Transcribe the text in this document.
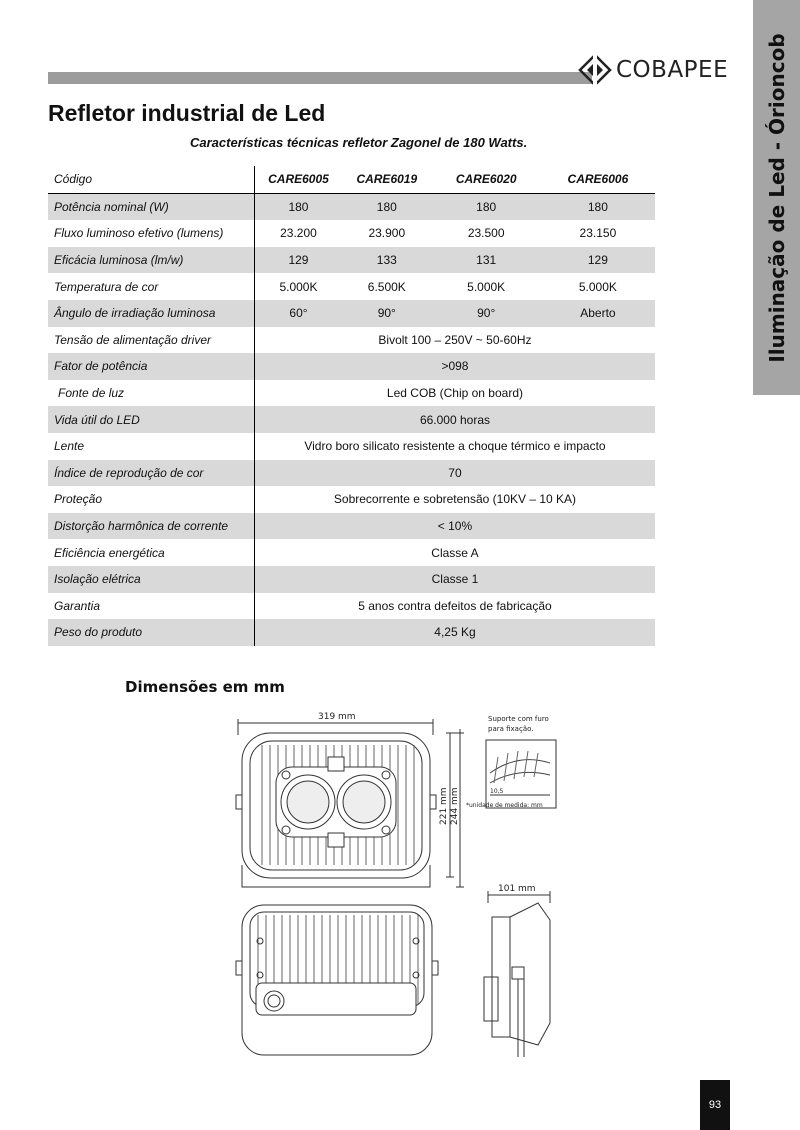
COBAPEE Iluminação de Led - Órioncob
Refletor industrial de Led
Características técnicas refletor Zagonel de 180 Watts.
Código	CARE6005	CARE6019	CARE6020	CARE6006
Potência nominal (W)	180	180	180	180
Fluxo luminoso efetivo (lumens)	23.200	23.900	23.500	23.150
Eficácia luminosa (lm/w)	129	133	131	129
Temperatura de cor	5.000K	6.500K	5.000K	5.000K
Ângulo de irradiação luminosa	60°	90°	90°	Aberto
Tensão de alimentação driver	Bivolt 100 – 250V ~ 50-60Hz			
Fator de potência	>098			
Fonte de luz	Led COB (Chip on board)			
Vida útil do LED	66.000 horas			
Lente	Vidro boro silicato resistente a choque térmico e impacto			
Índice de reprodução de cor	70			
Proteção	Sobrecorrente e sobretensão (10KV – 10 KA)			
Distorção harmônica de corrente	< 10%			
Eficiência energética	Classe A			
Isolação elétrica	Classe 1			
Garantia	5 anos contra defeitos de fabricação			
Peso do produto	4,25 Kg			
Dimensões em mm
319 mm
221 mm 244 mm
Suporte com furo
para fixação.
10,5
*unidade de medida: mm
101 mm
93
